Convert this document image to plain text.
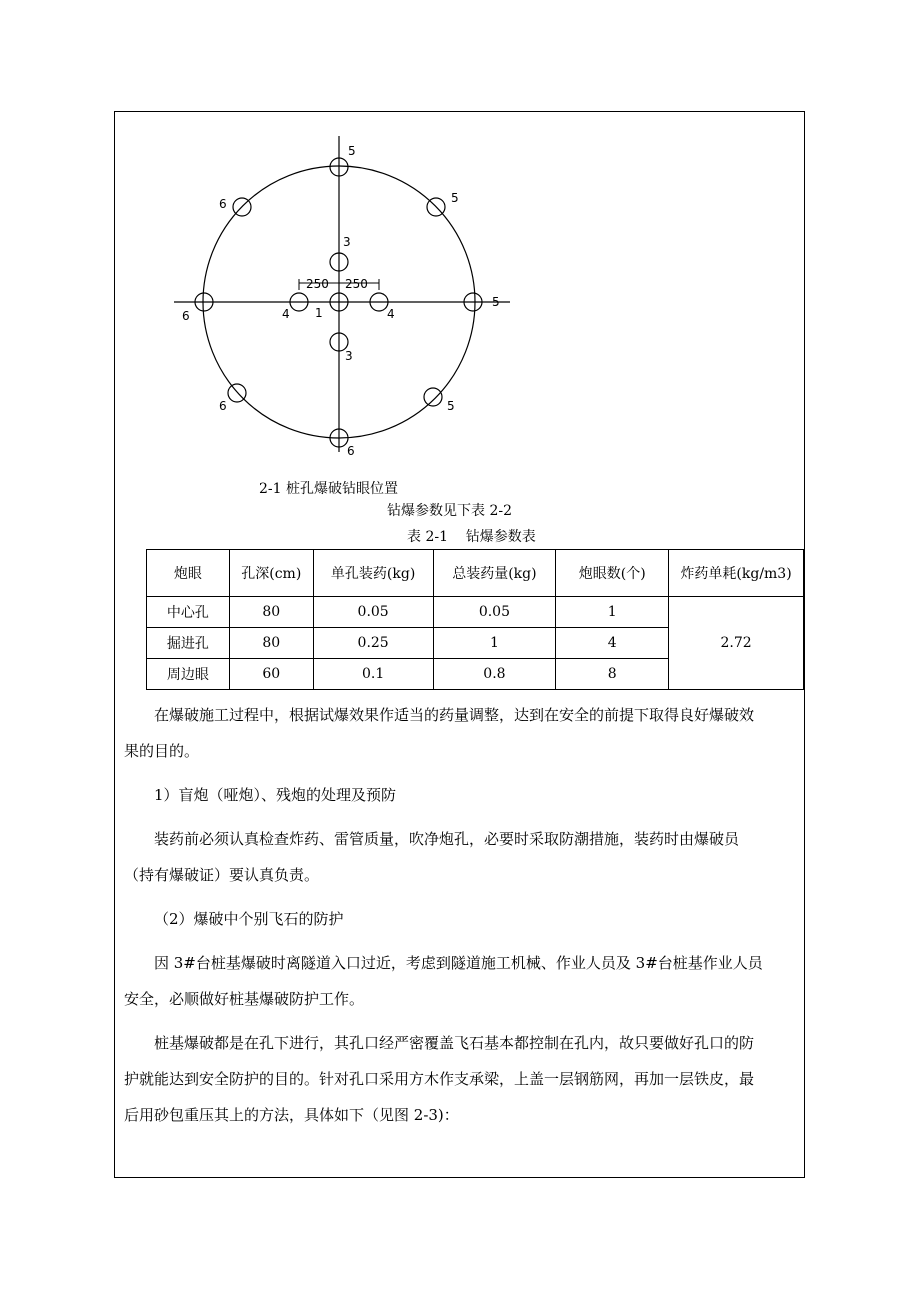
5
5
5
5
6
6
6
6
3
3
1
4	4
250 250
2-1 桩孔爆破钻眼位置
钻爆参数见下表 2-2
表 2-1    钻爆参数表
炮眼	孔深(cm)	单孔装药(kg)	总装药量(kg)	炮眼数(个)	炸药单耗(kg/m3)
中心孔	80	0.05	0.05	1	2.72
掘进孔	80	0.25	1	4	
周边眼	60	0.1	0.8	8	

在爆破施工过程中，根据试爆效果作适当的药量调整，达到在安全的前提下取得良好爆破效

果的目的。

1）盲炮（哑炮）、残炮的处理及预防

装药前必须认真检查炸药、雷管质量，吹净炮孔，必要时采取防潮措施，装药时由爆破员

（持有爆破证）要认真负责。

（2）爆破中个别飞石的防护

因 3#台桩基爆破时离隧道入口过近，考虑到隧道施工机械、作业人员及 3#台桩基作业人员

安全，必顺做好桩基爆破防护工作。

桩基爆破都是在孔下进行，其孔口经严密覆盖飞石基本都控制在孔内，故只要做好孔口的防

护就能达到安全防护的目的。针对孔口采用方木作支承梁，上盖一层钢筋网，再加一层铁皮，最

后用砂包重压其上的方法，具体如下（见图 2-3)：
